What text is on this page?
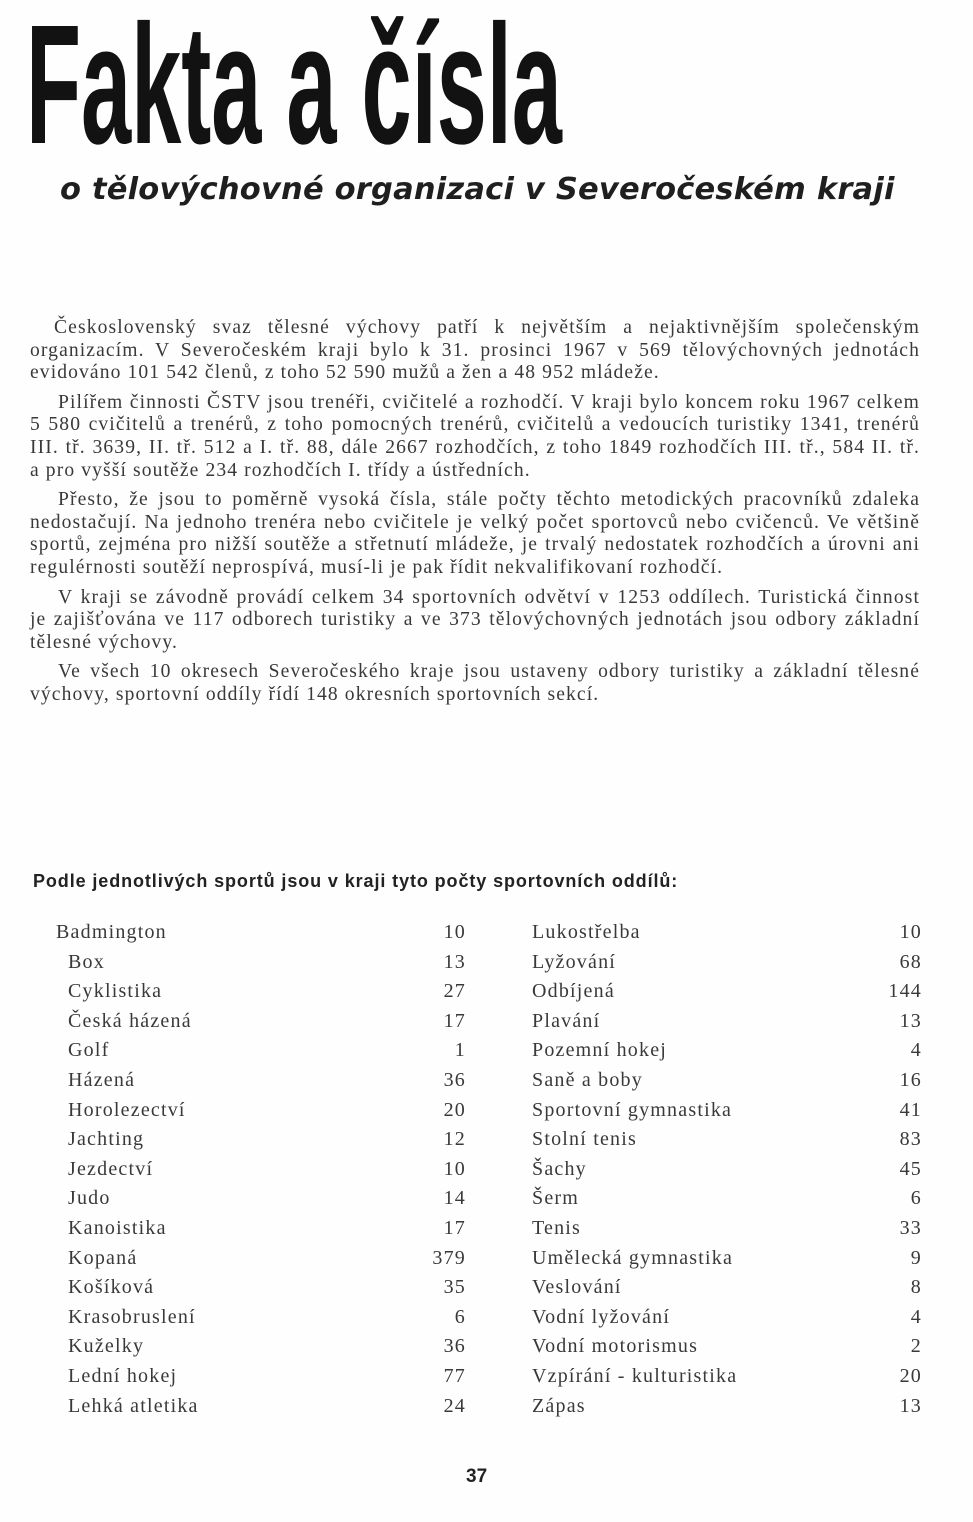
Fakta a čísla
o tělovýchovné organizaci v Severočeském kraji

Československý svaz tělesné výchovy patří k největším a nejaktivnějším společenským organizacím. V Severočeském kraji bylo k 31. prosinci 1967 v 569 tělovýchovných jednotách evidováno 101 542 členů, z toho 52 590 mužů a žen a 48 952 mládeže.

Pilířem činnosti ČSTV jsou trenéři, cvičitelé a rozhodčí. V kraji bylo koncem roku 1967 celkem 5 580 cvičitelů a trenérů, z toho pomocných trenérů, cvičitelů a vedoucích turistiky 1341, trenérů III. tř. 3639, II. tř. 512 a I. tř. 88, dále 2667 rozhodčích, z toho 1849 rozhodčích III. tř., 584 II. tř. a pro vyšší soutěže 234 rozhodčích I. třídy a ústředních.

Přesto, že jsou to poměrně vysoká čísla, stále počty těchto metodických pracovníků zdaleka nedostačují. Na jednoho trenéra nebo cvičitele je velký počet sportovců nebo cvičenců. Ve většině sportů, zejména pro nižší soutěže a střetnutí mládeže, je trvalý nedostatek rozhodčích a úrovni ani regulérnosti soutěží neprospívá, musí-li je pak řídit nekvalifikovaní rozhodčí.

V kraji se závodně provádí celkem 34 sportovních odvětví v 1253 oddílech. Turistická činnost je zajišťována ve 117 odborech turistiky a ve 373 tělovýchovných jednotách jsou odbory základní tělesné výchovy.

Ve všech 10 okresech Severočeského kraje jsou ustaveny odbory turistiky a základní tělesné výchovy, sportovní oddíly řídí 148 okresních sportovních sekcí.

Podle jednotlivých sportů jsou v kraji tyto počty sportovních oddílů:
Badmington	10
Box	13
Cyklistika	27
Česká házená	17
Golf	1
Házená	36
Horolezectví	20
Jachting	12
Jezdectví	10
Judo	14
Kanoistika	17
Kopaná	379
Košíková	35
Krasobruslení	6
Kuželky	36
Lední hokej	77
Lehká atletika	24
Lukostřelba	10
Lyžování	68
Odbíjená	144
Plavání	13
Pozemní hokej	4
Saně a boby	16
Sportovní gymnastika	41
Stolní tenis	83
Šachy	45
Šerm	6
Tenis	33
Umělecká gymnastika	9
Veslování	8
Vodní lyžování	4
Vodní motorismus	2
Vzpírání - kulturistika	20
Zápas	13
37
